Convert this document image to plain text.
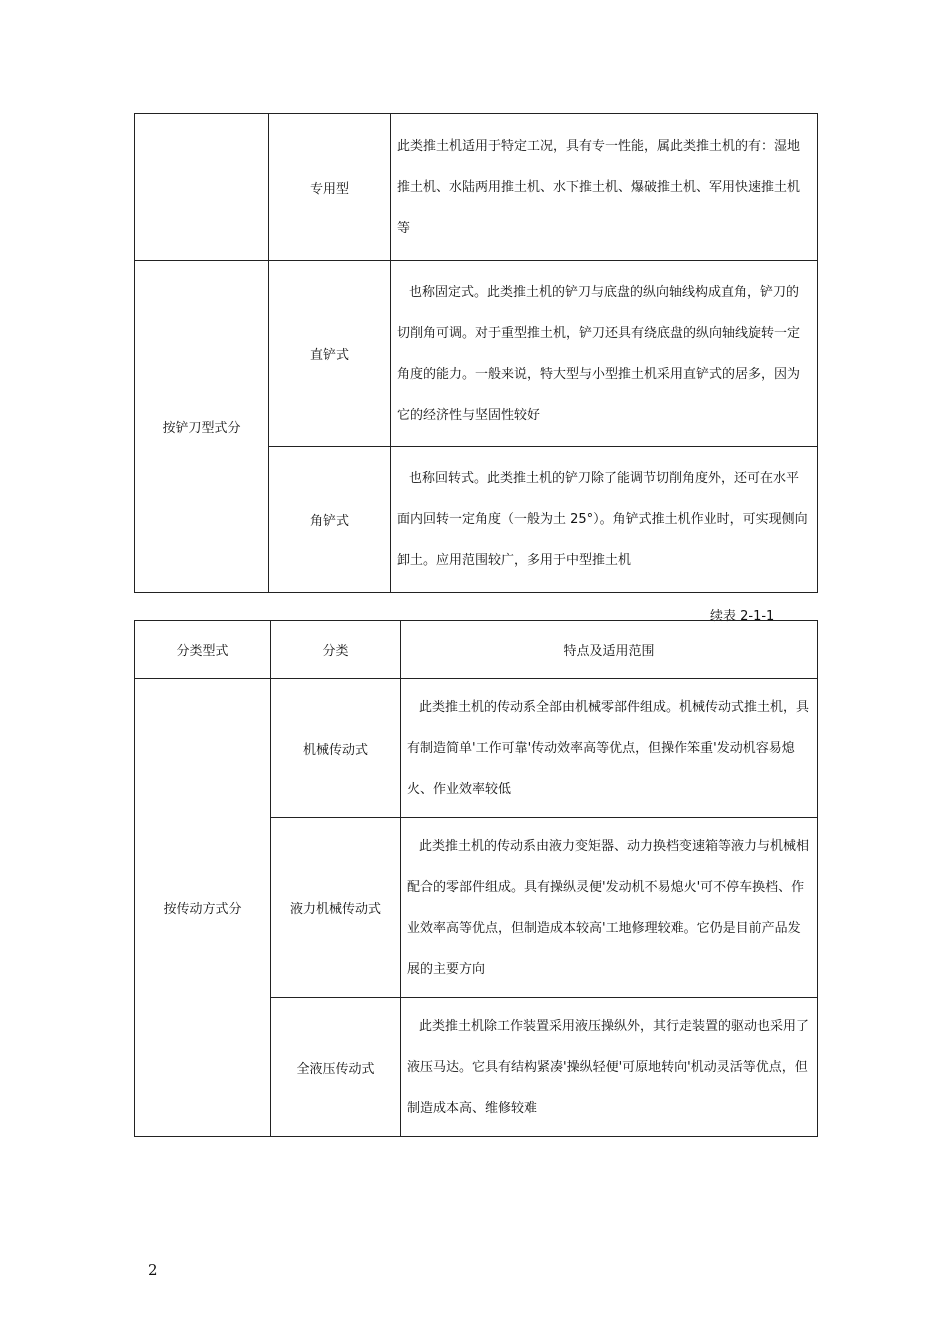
	专用型	此类推土机适用于特定工况，具有专一性能，属此类推土机的有：湿地推土机、水陆两用推土机、水下推土机、爆破推土机、军用快速推土机等
按铲刀型式分	直铲式	也称固定式。此类推土机的铲刀与底盘的纵向轴线构成直角，铲刀的切削角可调。对于重型推土机，铲刀还具有绕底盘的纵向轴线旋转一定角度的能力。一般来说，特大型与小型推土机采用直铲式的居多，因为它的经济性与坚固性较好
	角铲式	也称回转式。此类推土机的铲刀除了能调节切削角度外，还可在水平面内回转一定角度（一般为土 25°）。角铲式推土机作业时，可实现侧向卸土。应用范围较广，多用于中型推土机
续表 2-1-1
分类型式	分类	特点及适用范围
按传动方式分	机械传动式	此类推土机的传动系全部由机械零部件组成。机械传动式推土机，具有制造简单'工作可靠'传动效率高等优点，但操作笨重'发动机容易熄火、作业效率较低
	液力机械传动式	此类推土机的传动系由液力变矩器、动力换档变速箱等液力与机械相配合的零部件组成。具有操纵灵便'发动机不易熄火'可不停车换档、作业效率高等优点，但制造成本较高'工地修理较难。它仍是目前产品发展的主要方向
	全液压传动式	此类推土机除工作装置采用液压操纵外，其行走装置的驱动也采用了液压马达。它具有结构紧凑'操纵轻便'可原地转向'机动灵活等优点，但制造成本高、维修较难
2
